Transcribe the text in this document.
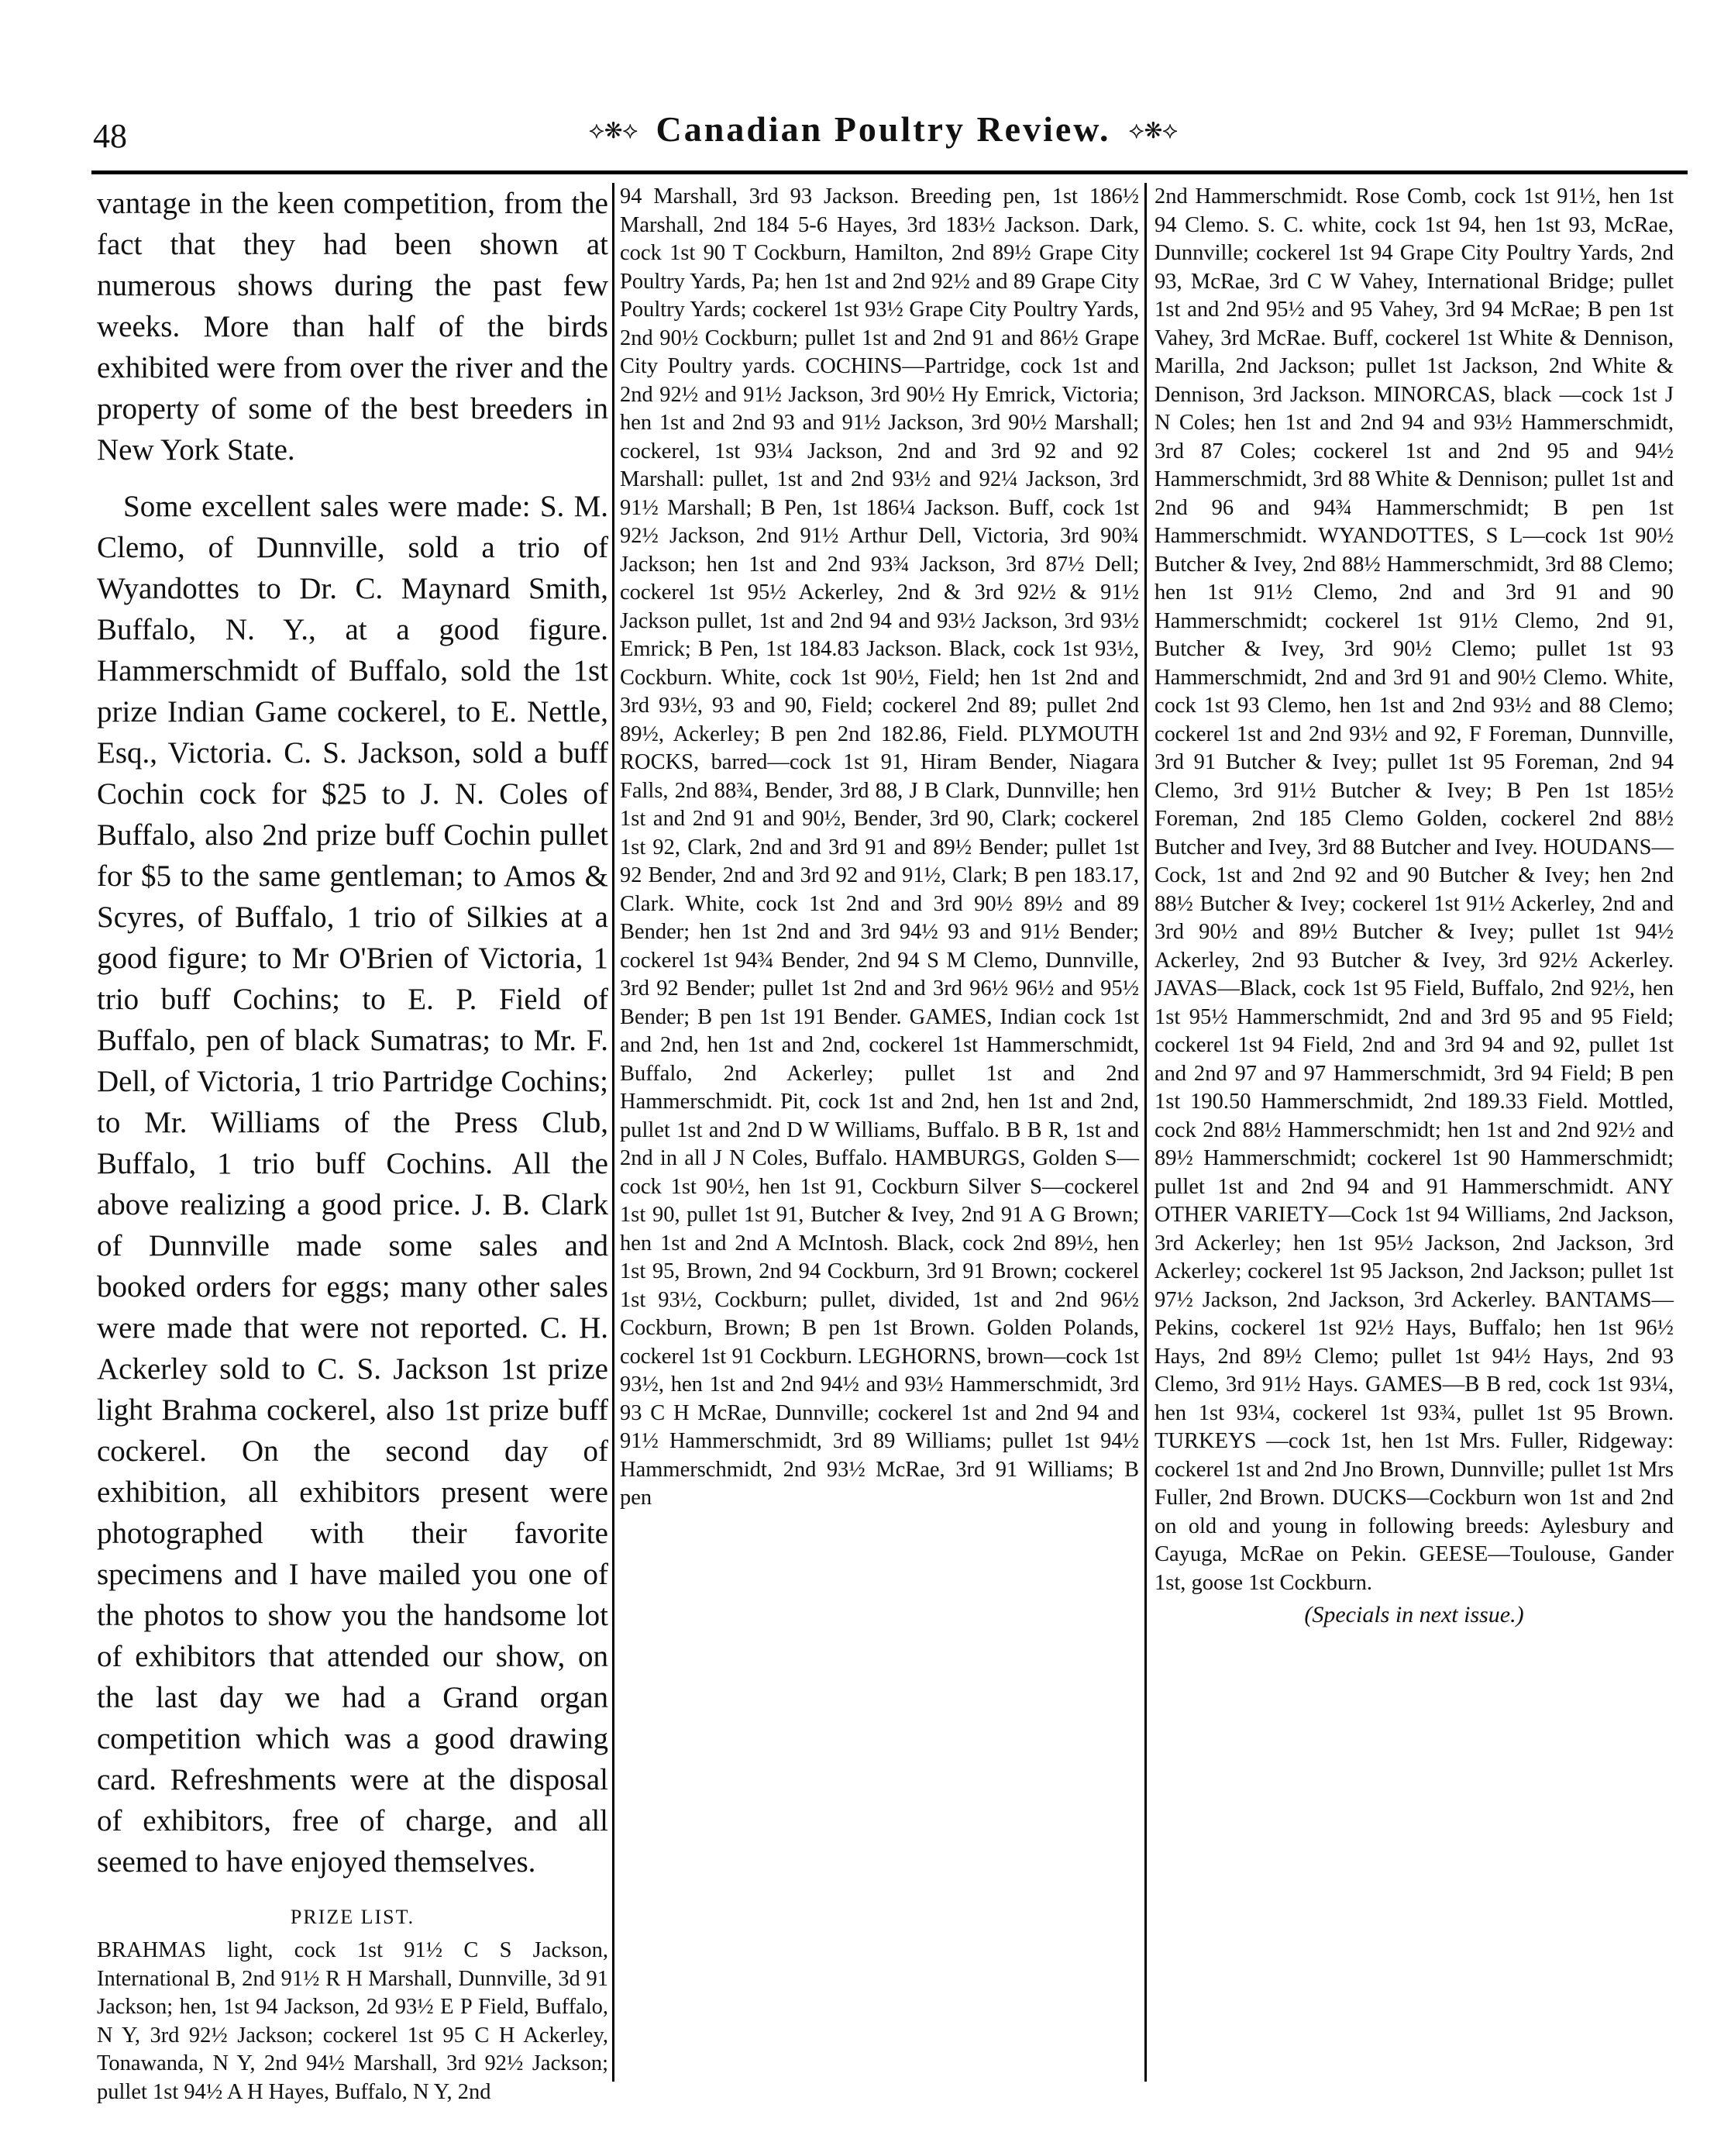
48	⟡❋⟡ Canadian Poultry Review. ⟡❋⟡

vantage in the keen competition, from the fact that they had been shown at numerous shows during the past few weeks. More than half of the birds exhibited were from over the river and the property of some of the best breeders in New York State.

Some excellent sales were made: S. M. Clemo, of Dunnville, sold a trio of Wyandottes to Dr. C. Maynard Smith, Buffalo, N. Y., at a good figure. Hammerschmidt of Buffalo, sold the 1st prize Indian Game cockerel, to E. Nettle, Esq., Victoria. C. S. Jackson, sold a buff Cochin cock for $25 to J. N. Coles of Buffalo, also 2nd prize buff Cochin pullet for $5 to the same gentleman; to Amos & Scyres, of Buffalo, 1 trio of Silkies at a good figure; to Mr O'Brien of Victoria, 1 trio buff Cochins; to E. P. Field of Buffalo, pen of black Sumatras; to Mr. F. Dell, of Victoria, 1 trio Partridge Cochins; to Mr. Williams of the Press Club, Buffalo, 1 trio buff Cochins. All the above realizing a good price. J. B. Clark of Dunnville made some sales and booked orders for eggs; many other sales were made that were not reported. C. H. Ackerley sold to C. S. Jackson 1st prize light Brahma cockerel, also 1st prize buff cockerel. On the second day of exhibition, all exhibitors present were photographed with their favorite specimens and I have mailed you one of the photos to show you the handsome lot of exhibitors that attended our show, on the last day we had a Grand organ competition which was a good drawing card. Refreshments were at the disposal of exhibitors, free of charge, and all seemed to have enjoyed themselves.

PRIZE LIST.

BRAHMAS light, cock 1st 91½ C S Jackson, International B, 2nd 91½ R H Marshall, Dunnville, 3d 91 Jackson; hen, 1st 94 Jackson, 2d 93½ E P Field, Buffalo, N Y, 3rd 92½ Jackson; cockerel 1st 95 C H Ackerley, Tonawanda, N Y, 2nd 94½ Marshall, 3rd 92½ Jackson; pullet 1st 94½ A H Hayes, Buffalo, N Y, 2nd

94 Marshall, 3rd 93 Jackson. Breeding pen, 1st 186½ Marshall, 2nd 184 5-6 Hayes, 3rd 183½ Jackson. Dark, cock 1st 90 T Cockburn, Hamilton, 2nd 89½ Grape City Poultry Yards, Pa; hen 1st and 2nd 92½ and 89 Grape City Poultry Yards; cockerel 1st 93½ Grape City Poultry Yards, 2nd 90½ Cockburn; pullet 1st and 2nd 91 and 86½ Grape City Poultry yards. COCHINS—Partridge, cock 1st and 2nd 92½ and 91½ Jackson, 3rd 90½ Hy Emrick, Victoria; hen 1st and 2nd 93 and 91½ Jackson, 3rd 90½ Marshall; cockerel, 1st 93¼ Jackson, 2nd and 3rd 92 and 92 Marshall: pullet, 1st and 2nd 93½ and 92¼ Jackson, 3rd 91½ Marshall; B Pen, 1st 186¼ Jackson. Buff, cock 1st 92½ Jackson, 2nd 91½ Arthur Dell, Victoria, 3rd 90¾ Jackson; hen 1st and 2nd 93¾ Jackson, 3rd 87½ Dell; cockerel 1st 95½ Ackerley, 2nd & 3rd 92½ & 91½ Jackson pullet, 1st and 2nd 94 and 93½ Jackson, 3rd 93½ Emrick; B Pen, 1st 184.83 Jackson. Black, cock 1st 93½, Cockburn. White, cock 1st 90½, Field; hen 1st 2nd and 3rd 93½, 93 and 90, Field; cockerel 2nd 89; pullet 2nd 89½, Ackerley; B pen 2nd 182.86, Field. PLYMOUTH ROCKS, barred—cock 1st 91, Hiram Bender, Niagara Falls, 2nd 88¾, Bender, 3rd 88, J B Clark, Dunnville; hen 1st and 2nd 91 and 90½, Bender, 3rd 90, Clark; cockerel 1st 92, Clark, 2nd and 3rd 91 and 89½ Bender; pullet 1st 92 Bender, 2nd and 3rd 92 and 91½, Clark; B pen 183.17, Clark. White, cock 1st 2nd and 3rd 90½ 89½ and 89 Bender; hen 1st 2nd and 3rd 94½ 93 and 91½ Bender; cockerel 1st 94¾ Bender, 2nd 94 S M Clemo, Dunnville, 3rd 92 Bender; pullet 1st 2nd and 3rd 96½ 96½ and 95½ Bender; B pen 1st 191 Bender. GAMES, Indian cock 1st and 2nd, hen 1st and 2nd, cockerel 1st Hammerschmidt, Buffalo, 2nd Ackerley; pullet 1st and 2nd Hammerschmidt. Pit, cock 1st and 2nd, hen 1st and 2nd, pullet 1st and 2nd D W Williams, Buffalo. B B R, 1st and 2nd in all J N Coles, Buffalo. HAMBURGS, Golden S—cock 1st 90½, hen 1st 91, Cockburn Silver S—cockerel 1st 90, pullet 1st 91, Butcher & Ivey, 2nd 91 A G Brown; hen 1st and 2nd A McIntosh. Black, cock 2nd 89½, hen 1st 95, Brown, 2nd 94 Cockburn, 3rd 91 Brown; cockerel 1st 93½, Cockburn; pullet, divided, 1st and 2nd 96½ Cockburn, Brown; B pen 1st Brown. Golden Polands, cockerel 1st 91 Cockburn. LEGHORNS, brown—cock 1st 93½, hen 1st and 2nd 94½ and 93½ Hammerschmidt, 3rd 93 C H McRae, Dunnville; cockerel 1st and 2nd 94 and 91½ Hammerschmidt, 3rd 89 Williams; pullet 1st 94½ Hammerschmidt, 2nd 93½ McRae, 3rd 91 Williams; B pen

2nd Hammerschmidt. Rose Comb, cock 1st 91½, hen 1st 94 Clemo. S. C. white, cock 1st 94, hen 1st 93, McRae, Dunnville; cockerel 1st 94 Grape City Poultry Yards, 2nd 93, McRae, 3rd C W Vahey, International Bridge; pullet 1st and 2nd 95½ and 95 Vahey, 3rd 94 McRae; B pen 1st Vahey, 3rd McRae. Buff, cockerel 1st White & Dennison, Marilla, 2nd Jackson; pullet 1st Jackson, 2nd White & Dennison, 3rd Jackson. MINORCAS, black —cock 1st J N Coles; hen 1st and 2nd 94 and 93½ Hammerschmidt, 3rd 87 Coles; cockerel 1st and 2nd 95 and 94½ Hammerschmidt, 3rd 88 White & Dennison; pullet 1st and 2nd 96 and 94¾ Hammerschmidt; B pen 1st Hammerschmidt. WYANDOTTES, S L—cock 1st 90½ Butcher & Ivey, 2nd 88½ Hammerschmidt, 3rd 88 Clemo; hen 1st 91½ Clemo, 2nd and 3rd 91 and 90 Hammerschmidt; cockerel 1st 91½ Clemo, 2nd 91, Butcher & Ivey, 3rd 90½ Clemo; pullet 1st 93 Hammerschmidt, 2nd and 3rd 91 and 90½ Clemo. White, cock 1st 93 Clemo, hen 1st and 2nd 93½ and 88 Clemo; cockerel 1st and 2nd 93½ and 92, F Foreman, Dunnville, 3rd 91 Butcher & Ivey; pullet 1st 95 Foreman, 2nd 94 Clemo, 3rd 91½ Butcher & Ivey; B Pen 1st 185½ Foreman, 2nd 185 Clemo Golden, cockerel 2nd 88½ Butcher and Ivey, 3rd 88 Butcher and Ivey. HOUDANS—Cock, 1st and 2nd 92 and 90 Butcher & Ivey; hen 2nd 88½ Butcher & Ivey; cockerel 1st 91½ Ackerley, 2nd and 3rd 90½ and 89½ Butcher & Ivey; pullet 1st 94½ Ackerley, 2nd 93 Butcher & Ivey, 3rd 92½ Ackerley. JAVAS—Black, cock 1st 95 Field, Buffalo, 2nd 92½, hen 1st 95½ Hammerschmidt, 2nd and 3rd 95 and 95 Field; cockerel 1st 94 Field, 2nd and 3rd 94 and 92, pullet 1st and 2nd 97 and 97 Hammerschmidt, 3rd 94 Field; B pen 1st 190.50 Hammerschmidt, 2nd 189.33 Field. Mottled, cock 2nd 88½ Hammerschmidt; hen 1st and 2nd 92½ and 89½ Hammerschmidt; cockerel 1st 90 Hammerschmidt; pullet 1st and 2nd 94 and 91 Hammerschmidt. ANY OTHER VARIETY—Cock 1st 94 Williams, 2nd Jackson, 3rd Ackerley; hen 1st 95½ Jackson, 2nd Jackson, 3rd Ackerley; cockerel 1st 95 Jackson, 2nd Jackson; pullet 1st 97½ Jackson, 2nd Jackson, 3rd Ackerley. BANTAMS—Pekins, cockerel 1st 92½ Hays, Buffalo; hen 1st 96½ Hays, 2nd 89½ Clemo; pullet 1st 94½ Hays, 2nd 93 Clemo, 3rd 91½ Hays. GAMES—B B red, cock 1st 93¼, hen 1st 93¼, cockerel 1st 93¾, pullet 1st 95 Brown. TURKEYS —cock 1st, hen 1st Mrs. Fuller, Ridgeway: cockerel 1st and 2nd Jno Brown, Dunnville; pullet 1st Mrs Fuller, 2nd Brown. DUCKS—Cockburn won 1st and 2nd on old and young in following breeds: Aylesbury and Cayuga, McRae on Pekin. GEESE—Toulouse, Gander 1st, goose 1st Cockburn.

(Specials in next issue.)
